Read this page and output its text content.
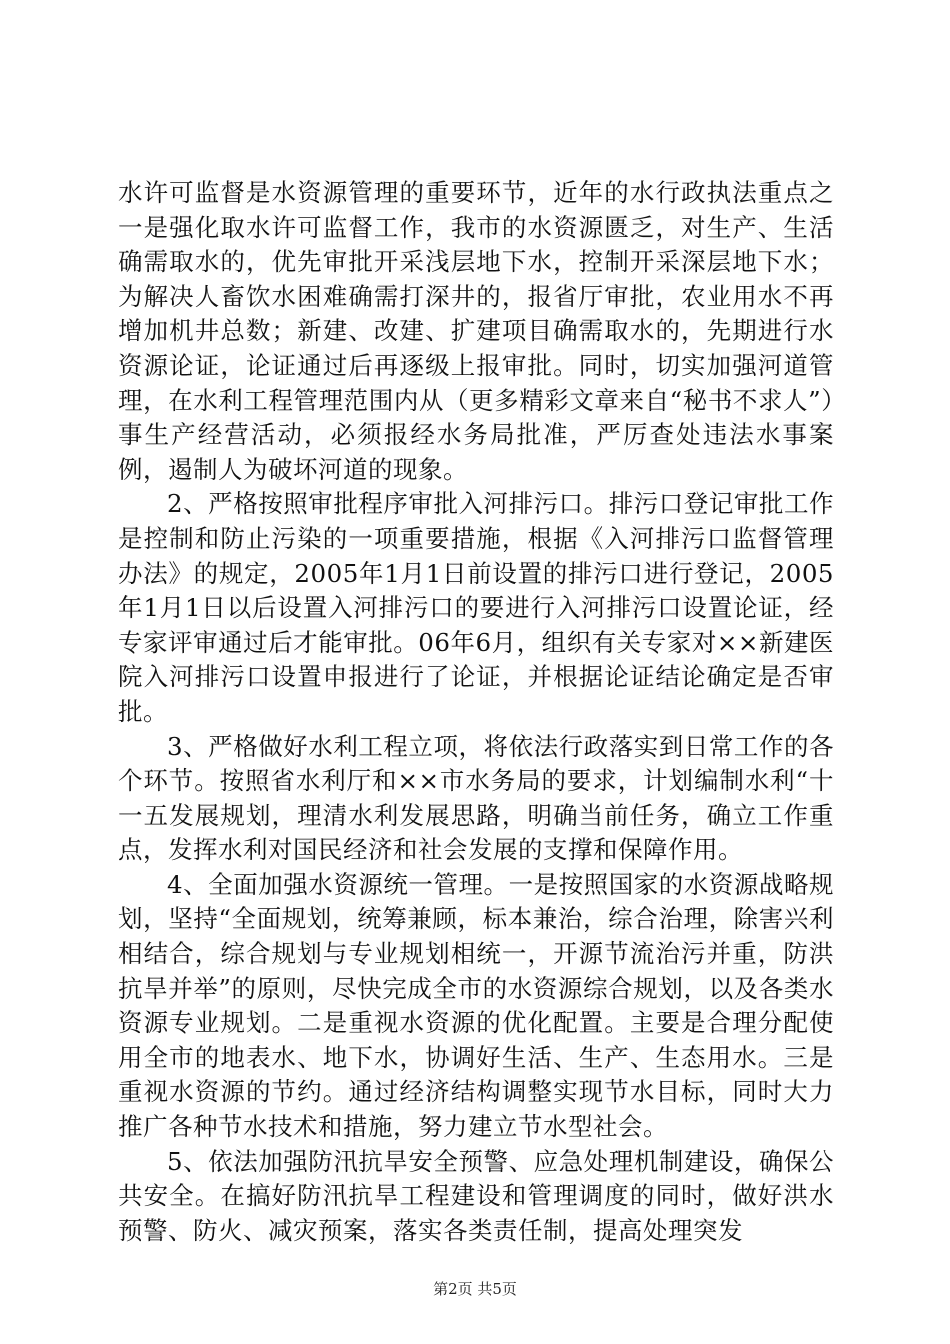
水许可监督是水资源管理的重要环节，近年的水行政执法重点之一是强化取水许可监督工作，我市的水资源匮乏，对生产、生活确需取水的，优先审批开采浅层地下水，控制开采深层地下水；为解决人畜饮水困难确需打深井的，报省厅审批，农业用水不再增加机井总数；新建、改建、扩建项目确需取水的，先期进行水资源论证，论证通过后再逐级上报审批。同时，切实加强河道管理，在水利工程管理范围内从（更多精彩文章来自“秘书不求人”）事生产经营活动，必须报经水务局批准，严厉查处违法水事案例，遏制人为破坏河道的现象。

2、严格按照审批程序审批入河排污口。排污口登记审批工作是控制和防止污染的一项重要措施，根据《入河排污口监督管理办法》的规定，2005年1月1日前设置的排污口进行登记，2005年1月1日以后设置入河排污口的要进行入河排污口设置论证，经专家评审通过后才能审批。06年6月，组织有关专家对××新建医院入河排污口设置申报进行了论证，并根据论证结论确定是否审批。

3、严格做好水利工程立项，将依法行政落实到日常工作的各个环节。按照省水利厅和××市水务局的要求，计划编制水利“十一五发展规划，理清水利发展思路，明确当前任务，确立工作重点，发挥水利对国民经济和社会发展的支撑和保障作用。

4、全面加强水资源统一管理。一是按照国家的水资源战略规划，坚持“全面规划，统筹兼顾，标本兼治，综合治理，除害兴利相结合，综合规划与专业规划相统一，开源节流治污并重，防洪抗旱并举”的原则，尽快完成全市的水资源综合规划，以及各类水资源专业规划。二是重视水资源的优化配置。主要是合理分配使用全市的地表水、地下水，协调好生活、生产、生态用水。三是重视水资源的节约。通过经济结构调整实现节水目标，同时大力推广各种节水技术和措施，努力建立节水型社会。

5、依法加强防汛抗旱安全预警、应急处理机制建设，确保公共安全。在搞好防汛抗旱工程建设和管理调度的同时，做好洪水预警、防火、减灾预案，落实各类责任制，提高处理突发

第2页 共5页
